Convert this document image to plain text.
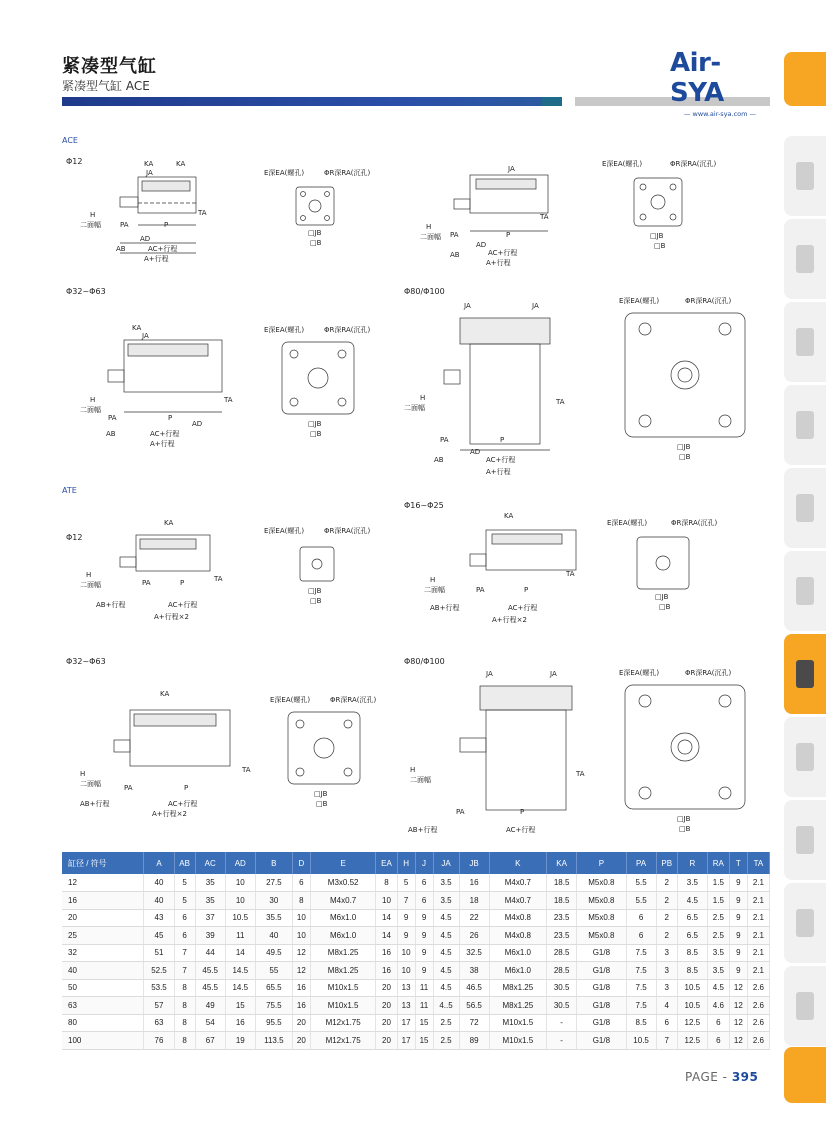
紧凑型气缸
紧凑型气缸 ACE
Air-SYA
— www.air-sya.com —
ACE
ATE
Φ12
Φ32~Φ63	Φ80/Φ100
Φ12
Φ16~Φ25
Φ32~Φ63	Φ80/Φ100
KA	KA
JA
H
二面幅	PA	P
TA
AD
AB	AC+行程
A+行程
E深EA(螺孔)	ΦR深RA(沉孔)
□JB
□B
JA
H
二面幅 PA	P
TA
AD
AB	AC+行程
A+行程
E深EA(螺孔)	ΦR深RA(沉孔)
□JB
□B
KA
JA
H
二面幅
PA	P
TA
AD
AB	AC+行程
A+行程
E深EA(螺孔)	ΦR深RA(沉孔)
□JB
□B
JA	JA
H
二面幅
PA	P
TA
AD
AB	AC+行程
A+行程
E深EA(螺孔)	ΦR深RA(沉孔)
□JB
□B
KA
H
二面幅	PA	P	TA
AB+行程	AC+行程
A+行程×2
E深EA(螺孔)	ΦR深RA(沉孔)
□JB
□B
KA
H
二面幅	PA	P
TA
AB+行程	AC+行程
A+行程×2
E深EA(螺孔)	ΦR深RA(沉孔)
□JB
□B
KA
H
二面幅	PA	P
TA
AB+行程	AC+行程
A+行程×2
E深EA(螺孔)	ΦR深RA(沉孔)
□JB
□B
JA	JA
H
二面幅
PA	P
TA
AB+行程	AC+行程
E深EA(螺孔)	ΦR深RA(沉孔)
□JB
□B
缸径 / 符号	A	AB	AC	AD	B	D	E	EA	H	J	JA	JB	K	KA	P	PA	PB	R	RA	T	TA
12	40	5	35	10	27.5	6	M3x0.52	8	5	6	3.5	16	M4x0.7	18.5	M5x0.8	5.5	2	3.5	1.5	9	2.1
16	40	5	35	10	30	8	M4x0.7	10	7	6	3.5	18	M4x0.7	18.5	M5x0.8	5.5	2	4.5	1.5	9	2.1
20	43	6	37	10.5	35.5	10	M6x1.0	14	9	9	4.5	22	M4x0.8	23.5	M5x0.8	6	2	6.5	2.5	9	2.1
25	45	6	39	11	40	10	M6x1.0	14	9	9	4.5	26	M4x0.8	23.5	M5x0.8	6	2	6.5	2.5	9	2.1
32	51	7	44	14	49.5	12	M8x1.25	16	10	9	4.5	32.5	M6x1.0	28.5	G1/8	7.5	3	8.5	3.5	9	2.1
40	52.5	7	45.5	14.5	55	12	M8x1.25	16	10	9	4.5	38	M6x1.0	28.5	G1/8	7.5	3	8.5	3.5	9	2.1
50	53.5	8	45.5	14.5	65.5	16	M10x1.5	20	13	11	4.5	46.5	M8x1.25	30.5	G1/8	7.5	3	10.5	4.5	12	2.6
63	57	8	49	15	75.5	16	M10x1.5	20	13	11	4..5	56.5	M8x1.25	30.5	G1/8	7.5	4	10.5	4.6	12	2.6
80	63	8	54	16	95.5	20	M12x1.75	20	17	15	2.5	72	M10x1.5	-	G1/8	8.5	6	12.5	6	12	2.6
100	76	8	67	19	113.5	20	M12x1.75	20	17	15	2.5	89	M10x1.5	-	G1/8	10.5	7	12.5	6	12	2.6
PAGE - 395
